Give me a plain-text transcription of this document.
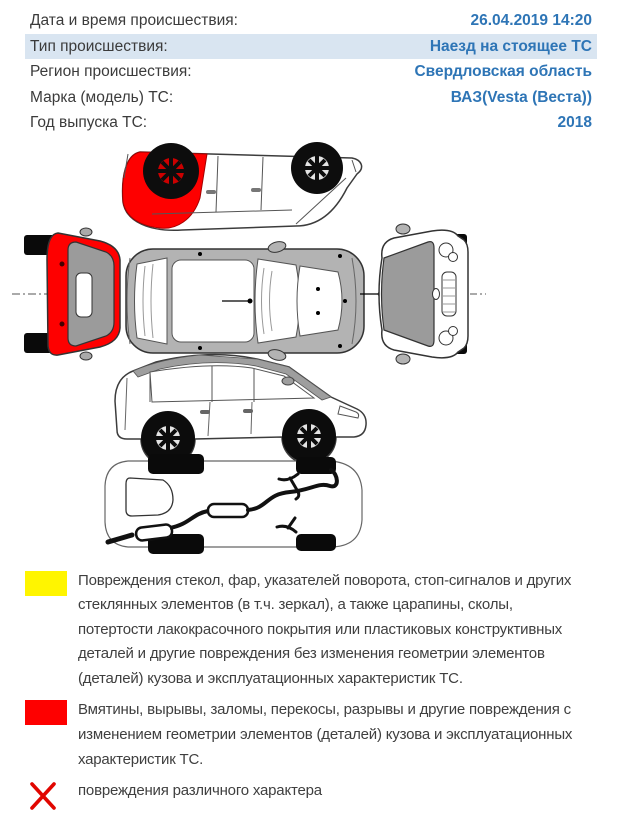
Дата и время происшествия:	26.04.2019 14:20
Тип происшествия:	Наезд на стоящее ТС
Регион происшествия:	Свердловская область
Марка (модель) ТС:	ВАЗ(Vesta (Веста))
Год выпуска ТС:	2018
Повреждения стекол, фар, указателей поворота, стоп-сигналов и других стеклянных элементов (в т.ч. зеркал), а также царапины, сколы, потертости лакокрасочного покрытия или пластиковых конструктивных деталей и другие повреждения без изменения геометрии элементов (деталей) кузова и эксплуатационных характеристик ТС.
Вмятины, вырывы, заломы, перекосы, разрывы и другие повреждения с изменением геометрии элементов (деталей) кузова и эксплуатационных характеристик ТС.
повреждения различного характера
